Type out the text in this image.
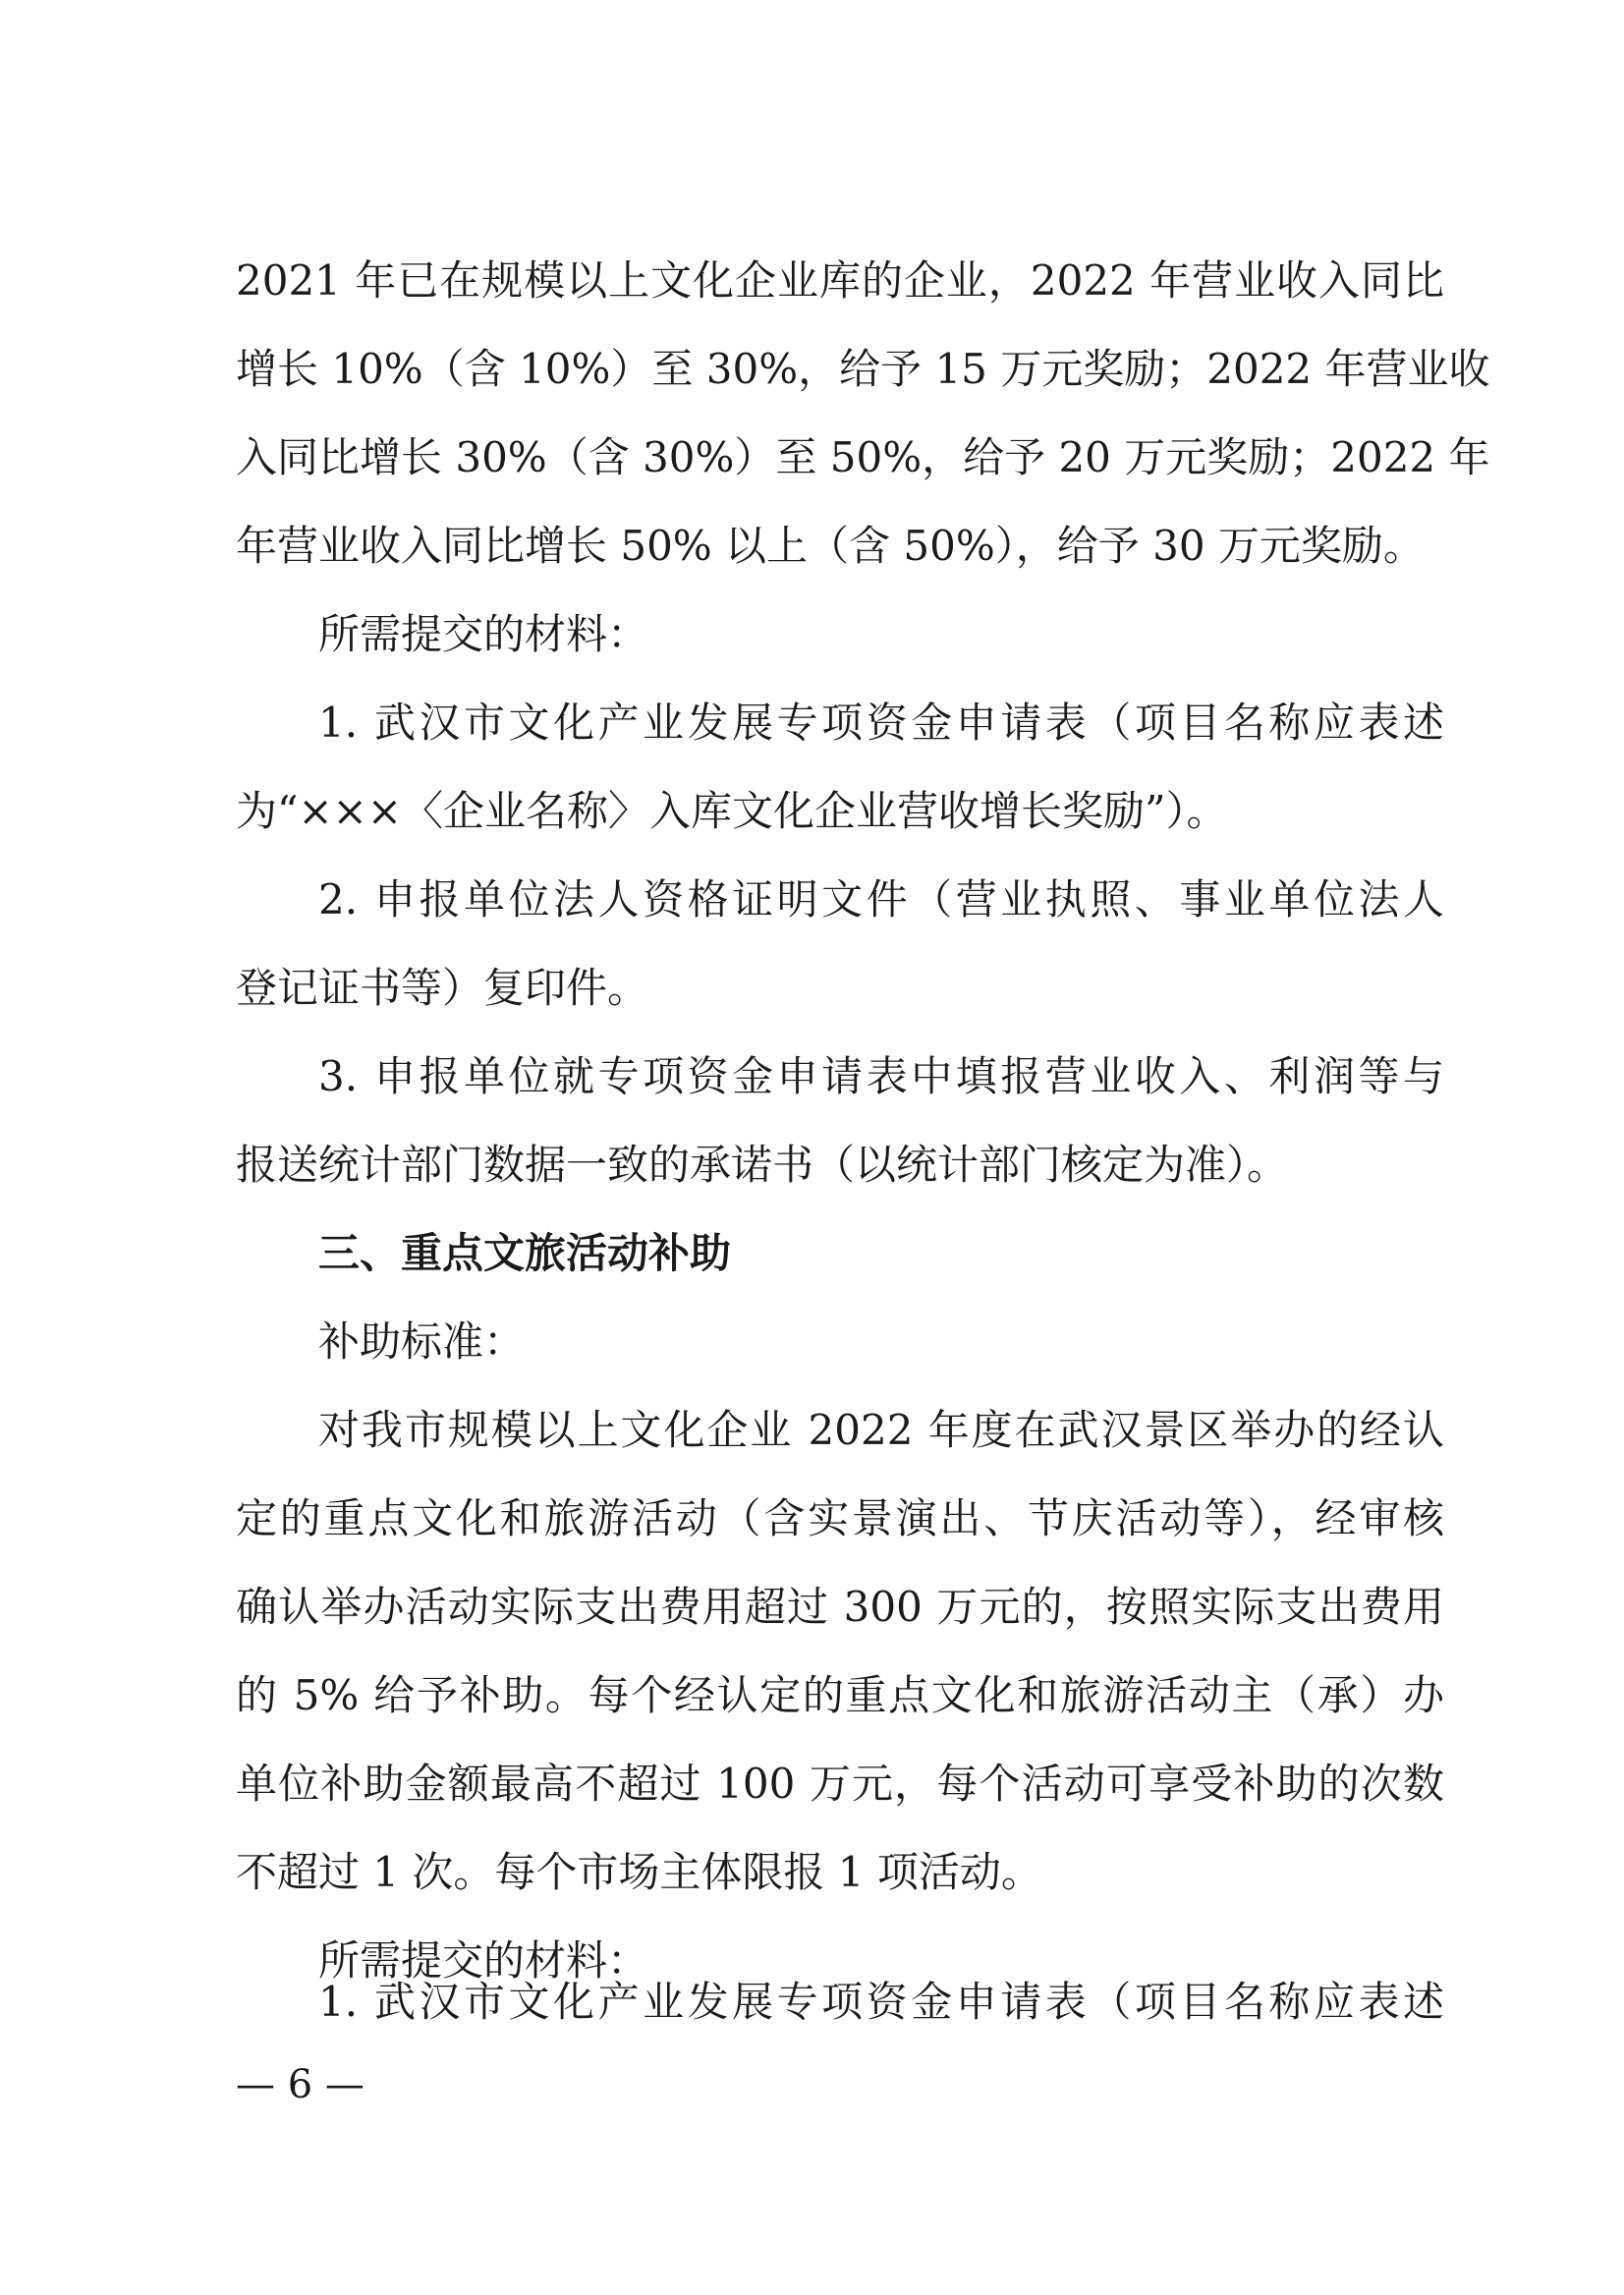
2021 年已在规模以上文化企业库的企业，2022 年营业收入同比
增长 10%（含 10%）至 30%，给予 15 万元奖励；2022 年营业收
入同比增长 30%（含 30%）至 50%，给予 20 万元奖励；2022 年
年营业收入同比增长 50% 以上（含 50%），给予 30 万元奖励。
所需提交的材料：
1. 武汉市文化产业发展专项资金申请表（项目名称应表述
为“×××〈企业名称〉入库文化企业营收增长奖励”）。
2. 申报单位法人资格证明文件（营业执照、事业单位法人
登记证书等）复印件。
3. 申报单位就专项资金申请表中填报营业收入、利润等与
报送统计部门数据一致的承诺书（以统计部门核定为准）。
三、重点文旅活动补助
补助标准：
对我市规模以上文化企业 2022 年度在武汉景区举办的经认
定的重点文化和旅游活动（含实景演出、节庆活动等），经审核
确认举办活动实际支出费用超过 300 万元的，按照实际支出费用
的 5% 给予补助。每个经认定的重点文化和旅游活动主（承）办
单位补助金额最高不超过 100 万元，每个活动可享受补助的次数
不超过 1 次。每个市场主体限报 1 项活动。
所需提交的材料：
1. 武汉市文化产业发展专项资金申请表（项目名称应表述
— 6 —
